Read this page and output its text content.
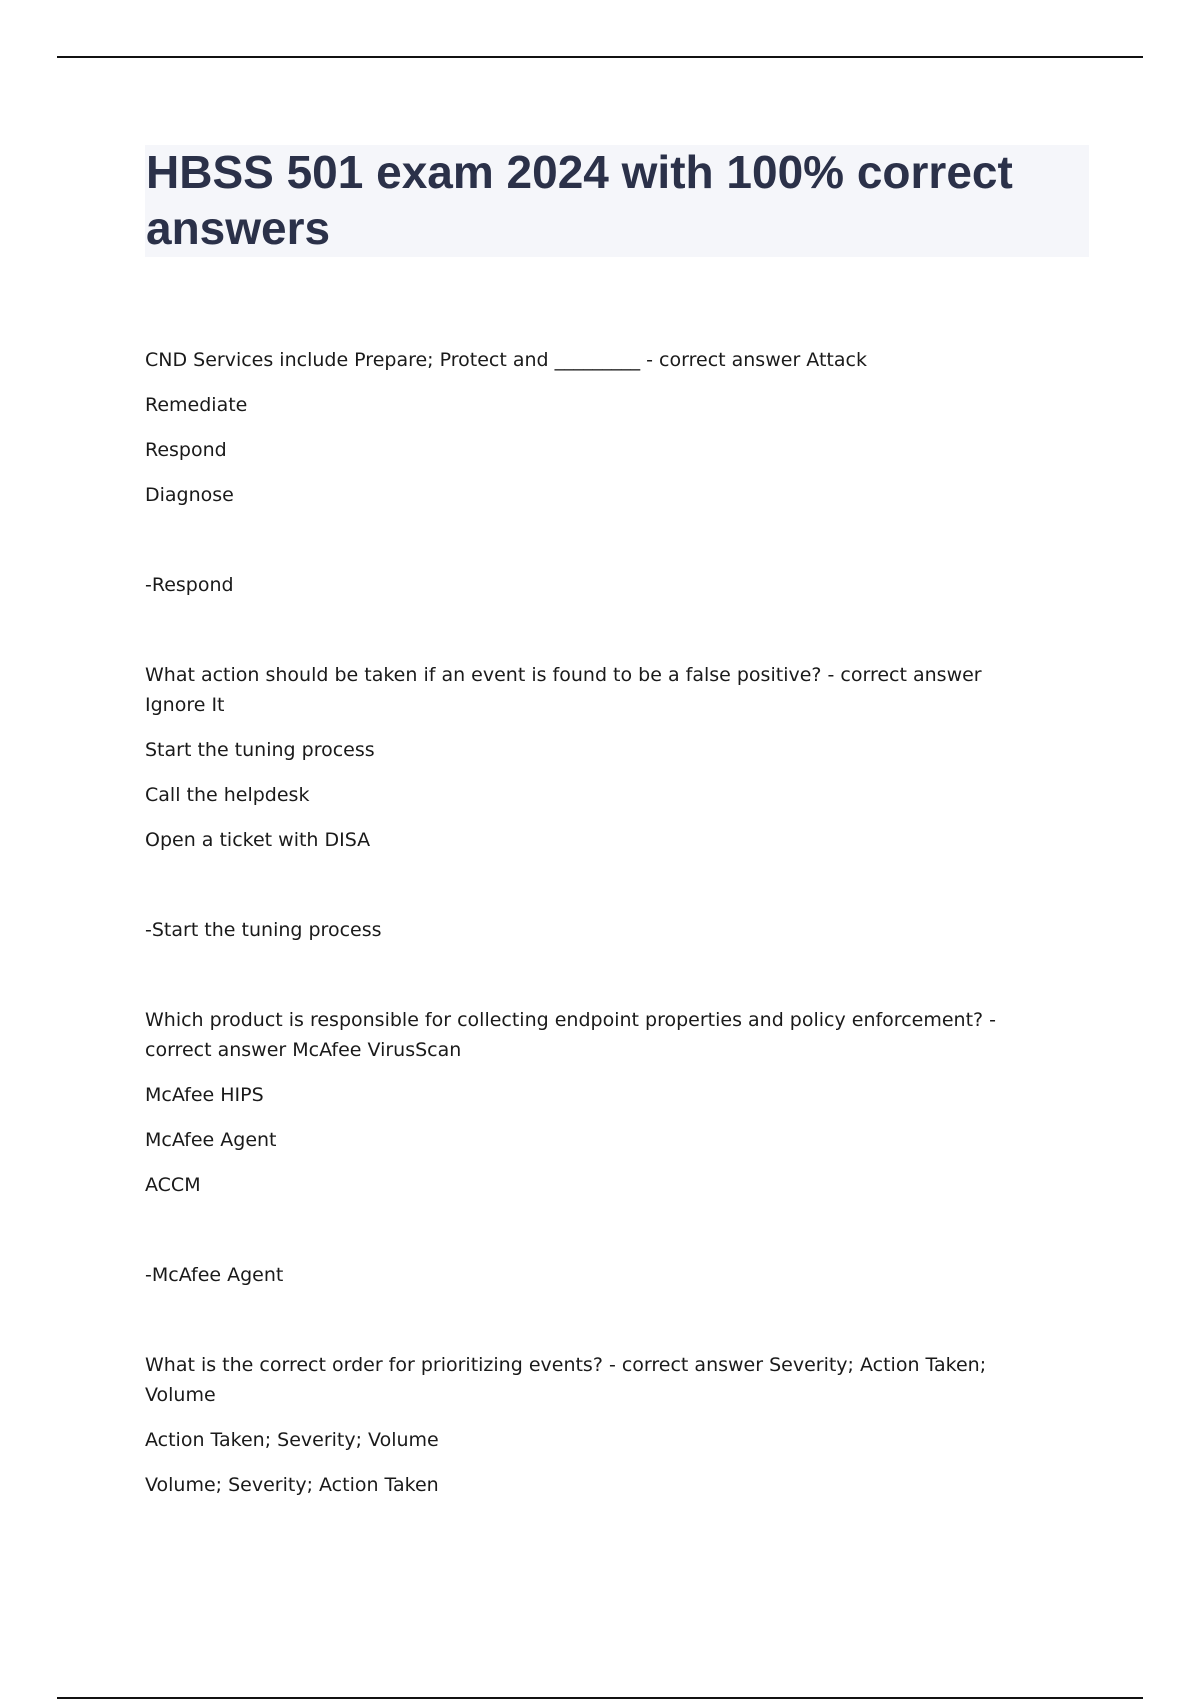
HBSS 501 exam 2024 with 100% correct answers

CND Services include Prepare; Protect and _________ - correct answer Attack

Remediate

Respond

Diagnose

-Respond

What action should be taken if an event is found to be a false positive? - correct answer Ignore It

Start the tuning process

Call the helpdesk

Open a ticket with DISA

-Start the tuning process

Which product is responsible for collecting endpoint properties and policy enforcement? - correct answer McAfee VirusScan

McAfee HIPS

McAfee Agent

ACCM

-McAfee Agent

What is the correct order for prioritizing events? - correct answer Severity; Action Taken; Volume

Action Taken; Severity; Volume

Volume; Severity; Action Taken
